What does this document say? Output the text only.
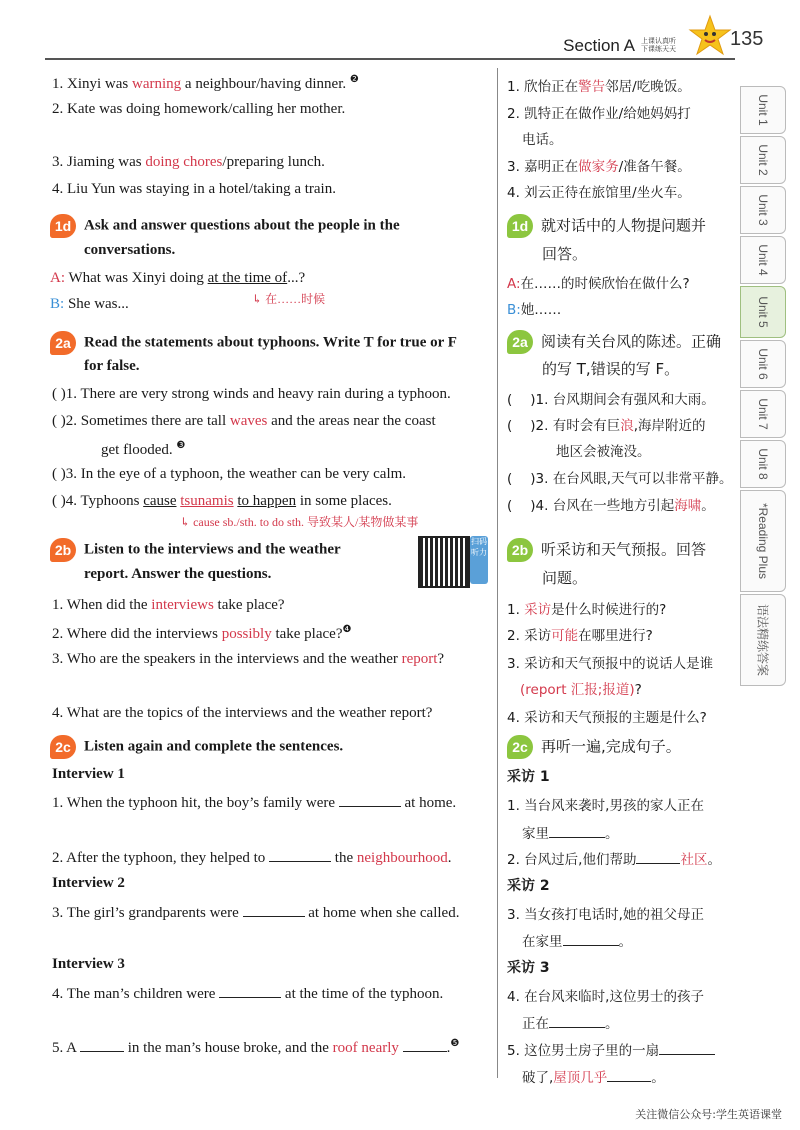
Section A 上课认真听
下课练天天	135
Unit 1
Unit 2
Unit 3
Unit 4
Unit 5
Unit 6
Unit 7
Unit 8
*Reading Plus
语法精练答案
1. Xinyi was warning a neighbour/having dinner. $^❷$
2. Kate was doing homework/calling her mother.
3. Jiaming was doing chores/preparing lunch.
4. Liu Yun was staying in a hotel/taking a train.
1d Ask and answer questions about the people in the
conversations.
A: What was Xinyi doing at the time of...?
↳ 在……时候
B: She was...
2a Read the statements about typhoons. Write T for true or F
for false.
( )1. There are very strong winds and heavy rain during a typhoon.
( )2. Sometimes there are tall waves and the areas near the coast
get flooded. $^❸$
( )3. In the eye of a typhoon, the weather can be very calm.
( )4. Typhoons cause tsunamis to happen in some places.
↳ cause sb./sth. to do sth. 导致某人/某物做某事
2b Listen to the interviews and the weather
report. Answer the questions.
扫码听力
1. When did the interviews take place?
2. Where did the interviews possibly take place?$^❹$
3. Who are the speakers in the interviews and the weather report?
4. What are the topics of the interviews and the weather report?
2c Listen again and complete the sentences.
Interview 1
1. When the typhoon hit, the boy’s family were	at home.
2. After the typhoon, they helped to	the neighbourhood.
Interview 2
3. The girl’s grandparents were	at home when she called.
Interview 3
4. The man’s children were	at the time of the typhoon.
5. A	in the man’s house broke, and the roof nearly	.$^❺$
1. 欣怡正在警告邻居/吃晚饭。
2. 凯特正在做作业/给她妈妈打
电话。
3. 嘉明正在做家务/准备午餐。
4. 刘云正待在旅馆里/坐火车。
1d 就对话中的人物提问题并
回答。
A:在……的时候欣怡在做什么?
B:她……
2a 阅读有关台风的陈述。正确
的写 T,错误的写 F。
( )1. 台风期间会有强风和大雨。
( )2. 有时会有巨浪,海岸附近的
地区会被淹没。
( )3. 在台风眼,天气可以非常平静。
( )4. 台风在一些地方引起海啸。
2b 听采访和天气预报。回答
问题。
1. 采访是什么时候进行的?
2. 采访可能在哪里进行?
3. 采访和天气预报中的说话人是谁
(report 汇报;报道)?
4. 采访和天气预报的主题是什么?
2c 再听一遍,完成句子。
采访 1
1. 当台风来袭时,男孩的家人正在
家里	。
2. 台风过后,他们帮助	社区。
采访 2
3. 当女孩打电话时,她的祖父母正
在家里	。
采访 3
4. 在台风来临时,这位男士的孩子
正在	。
5. 这位男士房子里的一扇
破了,屋顶几乎	。
关注微信公众号:学生英语课堂
